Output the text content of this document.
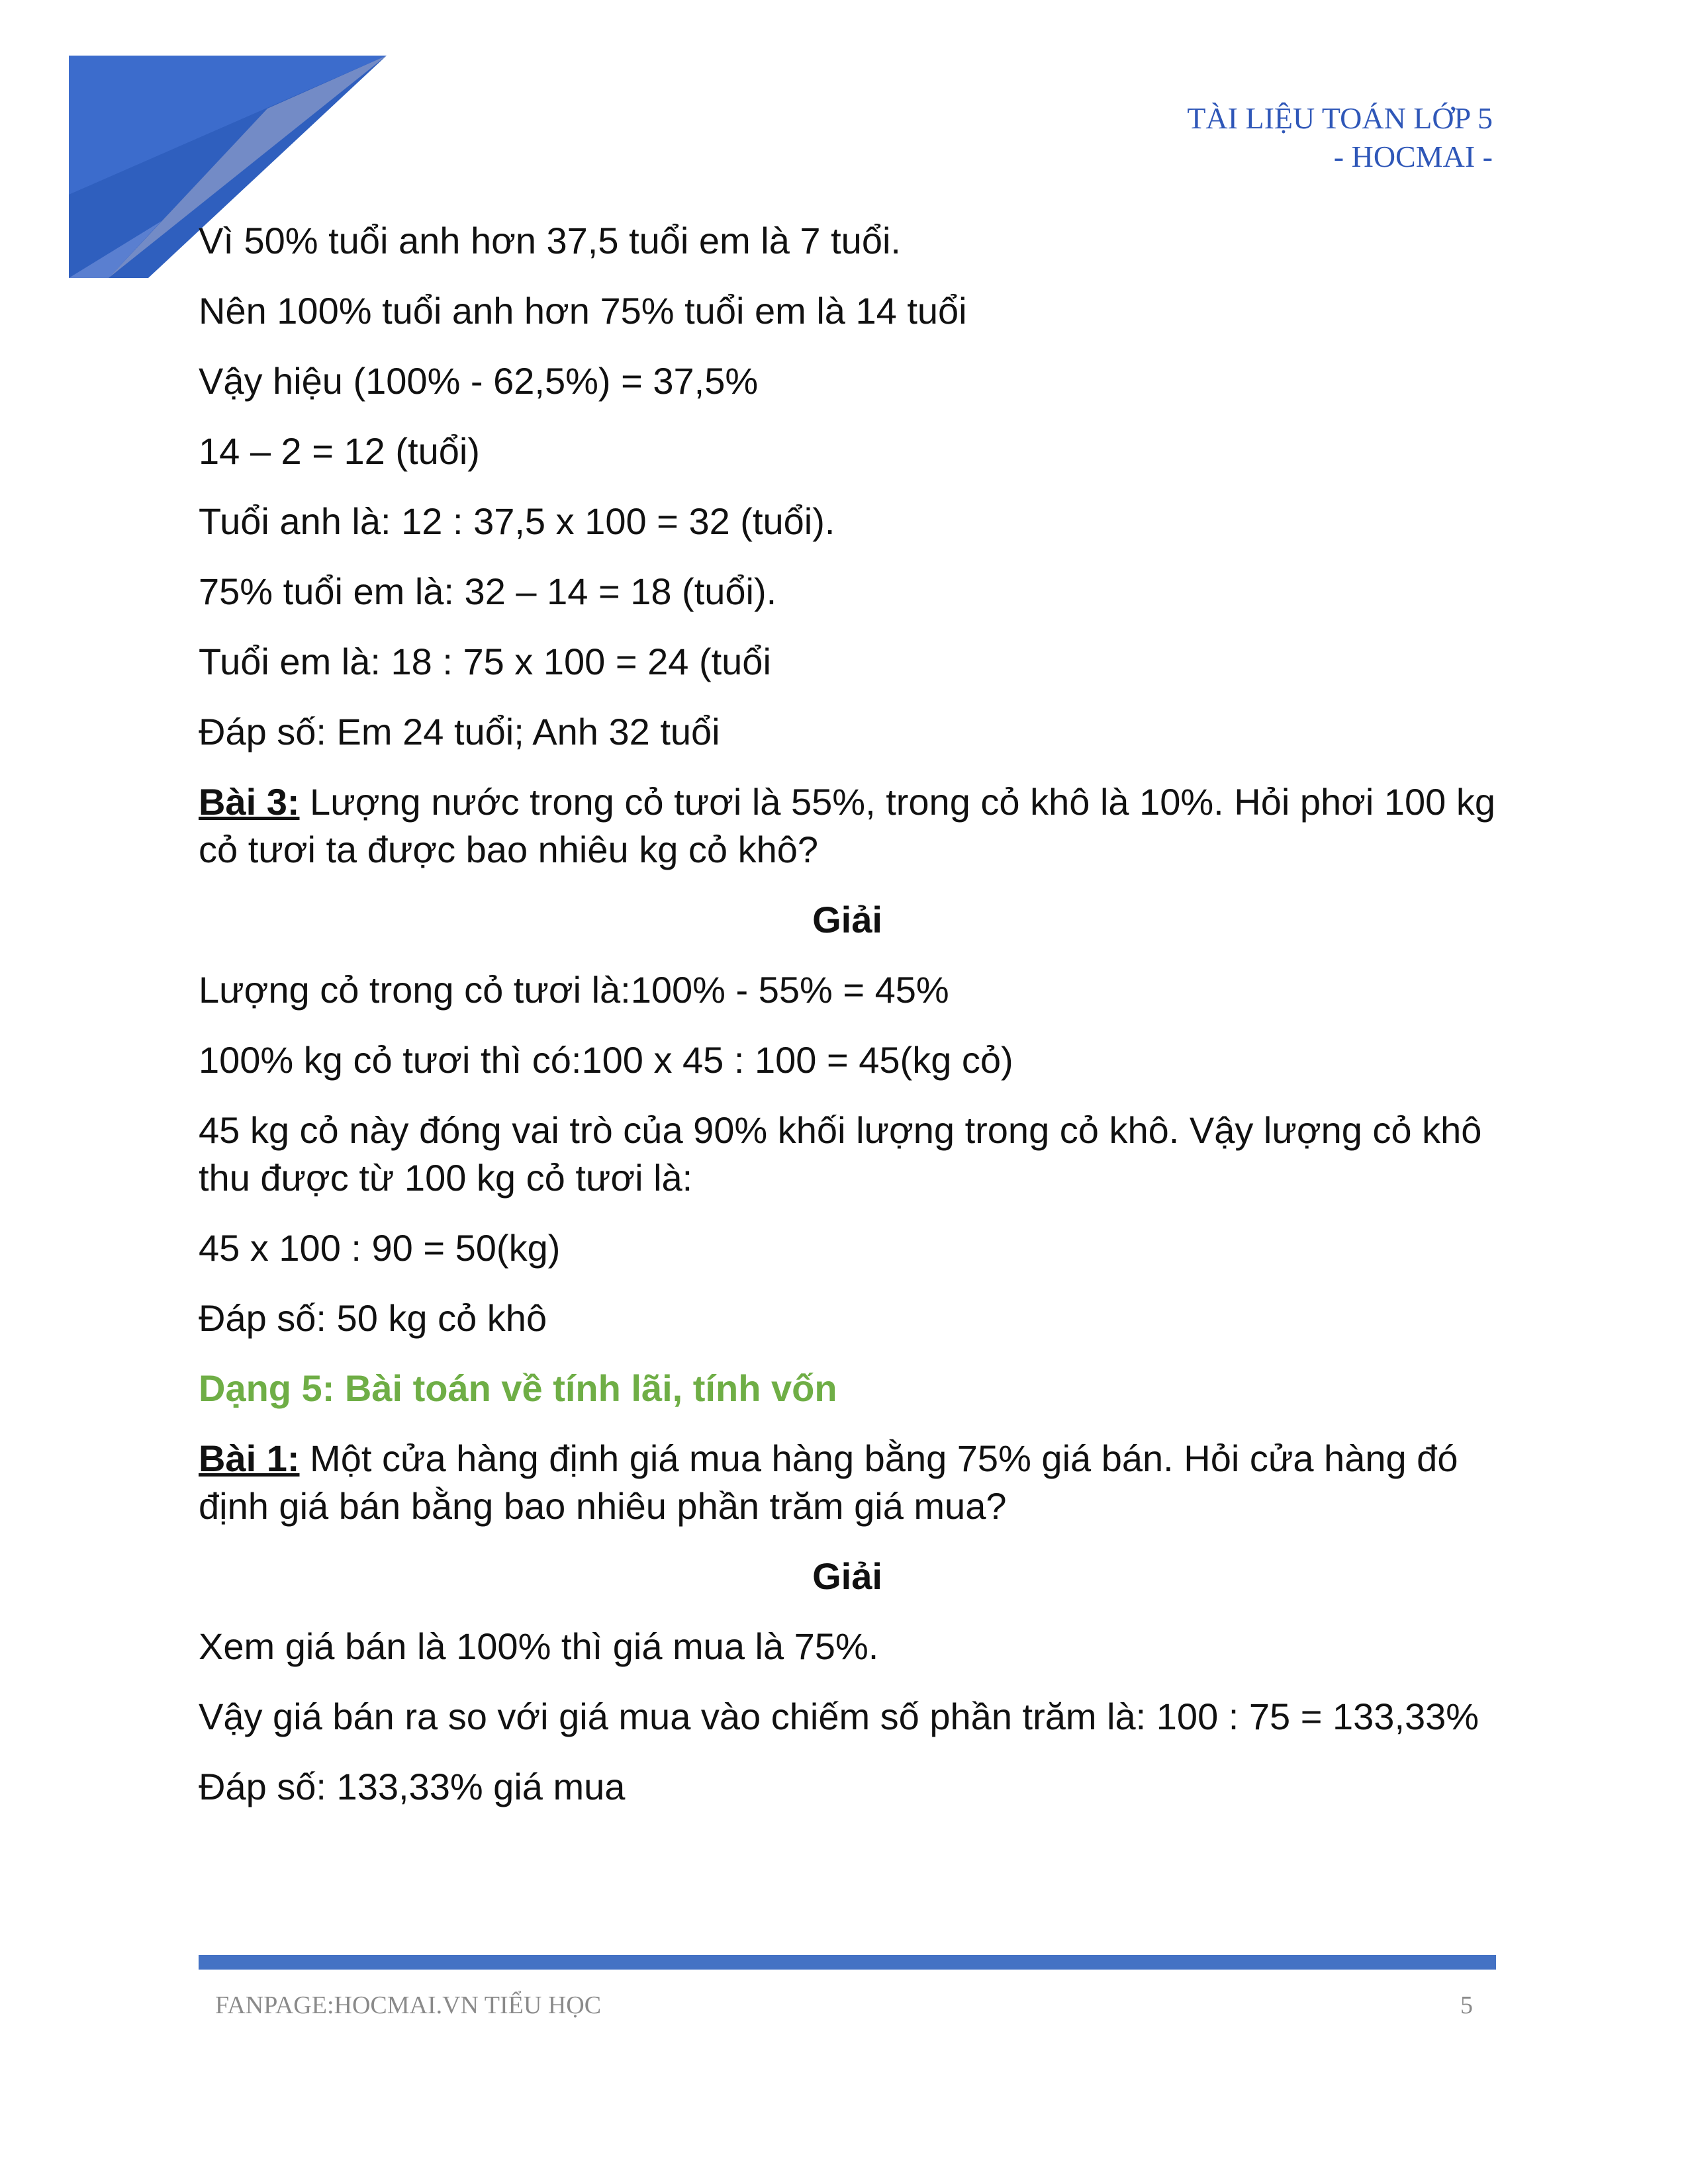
TÀI LIỆU TOÁN LỚP 5
- HOCMAI -

Vì 50% tuổi anh hơn 37,5 tuổi em là 7 tuổi.

Nên 100% tuổi anh hơn 75% tuổi em là 14 tuổi

Vậy hiệu (100% - 62,5%) = 37,5%

14 – 2 = 12 (tuổi)

Tuổi anh là: 12 : 37,5 x 100 = 32 (tuổi).

75% tuổi em là: 32 – 14 = 18 (tuổi).

Tuổi em là: 18 : 75 x 100 = 24 (tuổi

Đáp số: Em 24 tuổi; Anh 32 tuổi

Bài 3: Lượng nước trong cỏ tươi là 55%, trong cỏ khô là 10%. Hỏi phơi 100 kg cỏ tươi ta được bao nhiêu kg cỏ khô?

Giải

Lượng cỏ trong cỏ tươi là:100% - 55% = 45%

100% kg cỏ tươi thì có:100 x 45 : 100 = 45(kg cỏ)

45 kg cỏ này đóng vai trò của 90% khối lượng trong cỏ khô. Vậy lượng cỏ khô thu được từ 100 kg cỏ tươi là:

45 x 100 : 90 = 50(kg)

Đáp số: 50 kg cỏ khô

Dạng 5: Bài toán về tính lãi, tính vốn

Bài 1: Một cửa hàng định giá mua hàng bằng 75% giá bán. Hỏi cửa hàng đó định giá bán bằng bao nhiêu phần trăm giá mua?

Giải

Xem giá bán là 100% thì giá mua là 75%.

Vậy giá bán ra so với giá mua vào chiếm số phần trăm là: 100 : 75 = 133,33%

Đáp số: 133,33% giá mua

FANPAGE:HOCMAI.VN TIỂU HỌC	5
